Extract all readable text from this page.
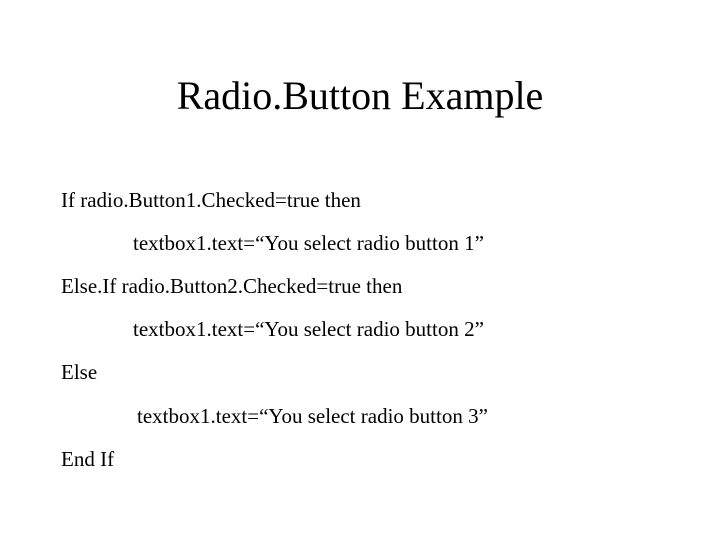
Radio.Button Example
If radio.Button1.Checked=true then
textbox1.text=“You select radio button 1”
Else.If radio.Button2.Checked=true then
textbox1.text=“You select radio button 2”
Else
textbox1.text=“You select radio button 3”
End If
